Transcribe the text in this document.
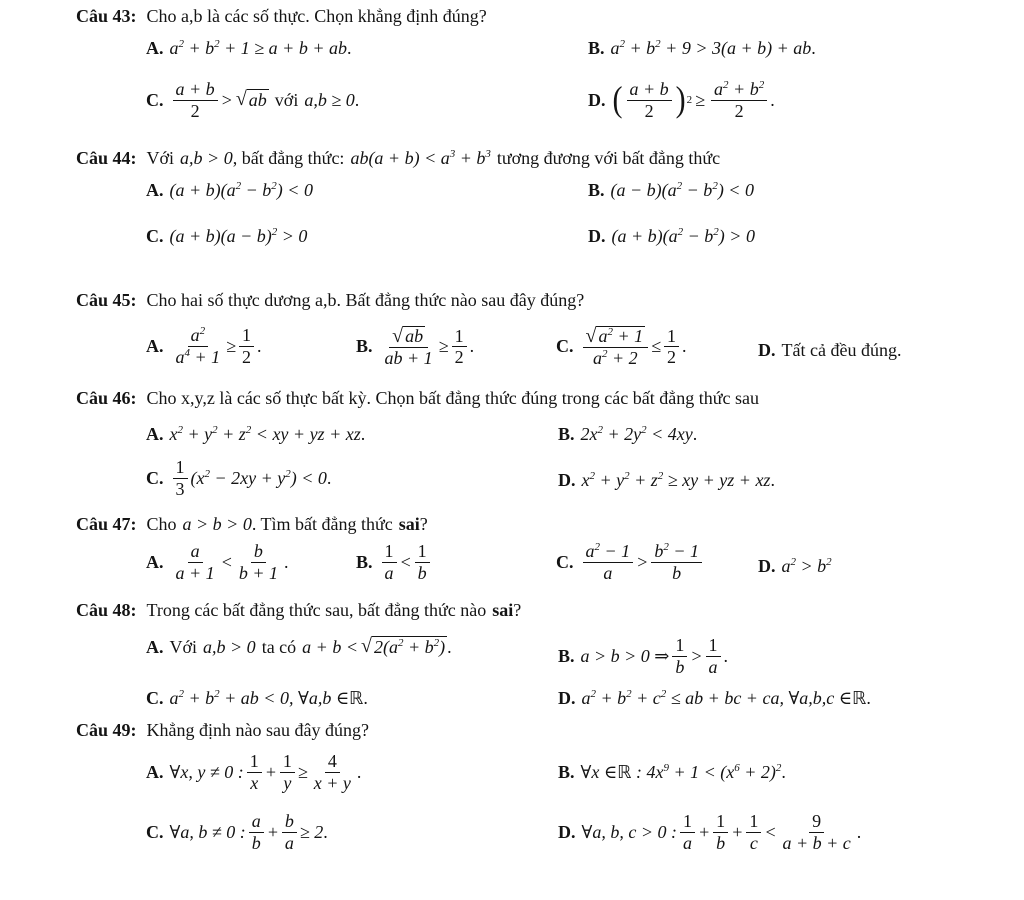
Câu 43: Cho a,b là các số thực. Chọn khẳng định đúng?
A. $a^2 + b^2 + 1 \ge a + b$ + ab .	B. $a^2 + b^2 + 9 > 3(a + b)$ + ab .
C.
a + b
2
> √ ab với a,b ≥ 0 .	D. ( a + b
2 ) $2 \ge \frac{a^2 + b^2}{2}$ .
Câu 44: Với a,b > 0, bất đẳng thức: $ab(a + b) < a^3 + b^3$ tương đương với bất đẳng thức
A. $(a + b)(a^2 - b^2) < 0$	B. $(a - b)(a^2 - b^2) < 0$
C. $(a + b)(a - b)^2 > 0$	D. $(a + b)(a^2 - b^2) > 0$
Câu 45: Cho hai số thực dương a,b. Bất đẳng thức nào sau đây đúng?
A. $\frac{a^2}{a^4 + 1} \ge \frac{1}{2}$ .	B. $\frac{√ ab}{ab + 1} \ge \frac{1}{2}$ .	C. $\frac{√ a^2 + 1}{a^2 + 2} \le \frac{1}{2}$ .	D. Tất cả đều đúng.
Câu 46: Cho x,y,z là các số thực bất kỳ. Chọn bất đẳng thức đúng trong các bất đẳng thức sau
A. $x^2 + y^2 + z^2$ < xy + yz + xz .	B. $2x^2 + 2y^2 < 4xy$ .
C.
1
3
$(x^2 - 2xy + y^2) < 0$ .	D. $x^2 + y^2 + z^2$ ≥ xy + yz + xz .
Câu 47: Cho a > b > 0. Tìm bất đẳng thức sai?
A.
a
a + 1
<
b
b + 1
.	B.
1
a
<
1
b
C.
$a^2 - 1$
a
>
$b^2 - 1$
b	D. $a^2 > b^2$
Câu 48: Trong các bất đẳng thức sau, bất đẳng thức nào sai?
A. Với a,b > 0 ta có a + b < √ $2(a^2 + b^2)$ .	B. a > b > 0 ⇒
1
b
>
1
a
.
C. $a^2 + b^2$ + ab < 0, ∀a,b ∈ ℝ .	D. $a^2 + b^2 + c^2$ ≤ ab + bc + ca, ∀a,b,c ∈ ℝ .
Câu 49: Khẳng định nào sau đây đúng?
A. ∀x, y ≠ 0 :
1
x
+ $\frac{1}{y} \ge \frac{4}{x + y}$ .	B. ∀x ∈ ℝ : $4x^9 + 1 < (x^6 + 2)^2$ .
C. ∀a, b ≠ 0 :
a
b
+ $\frac{b}{a} \ge 2$ .	D. ∀a, b, c > 0 :
1
a
+ $\frac{1}{b} + \frac{1}{c}$ <
9
a + b + c
.
